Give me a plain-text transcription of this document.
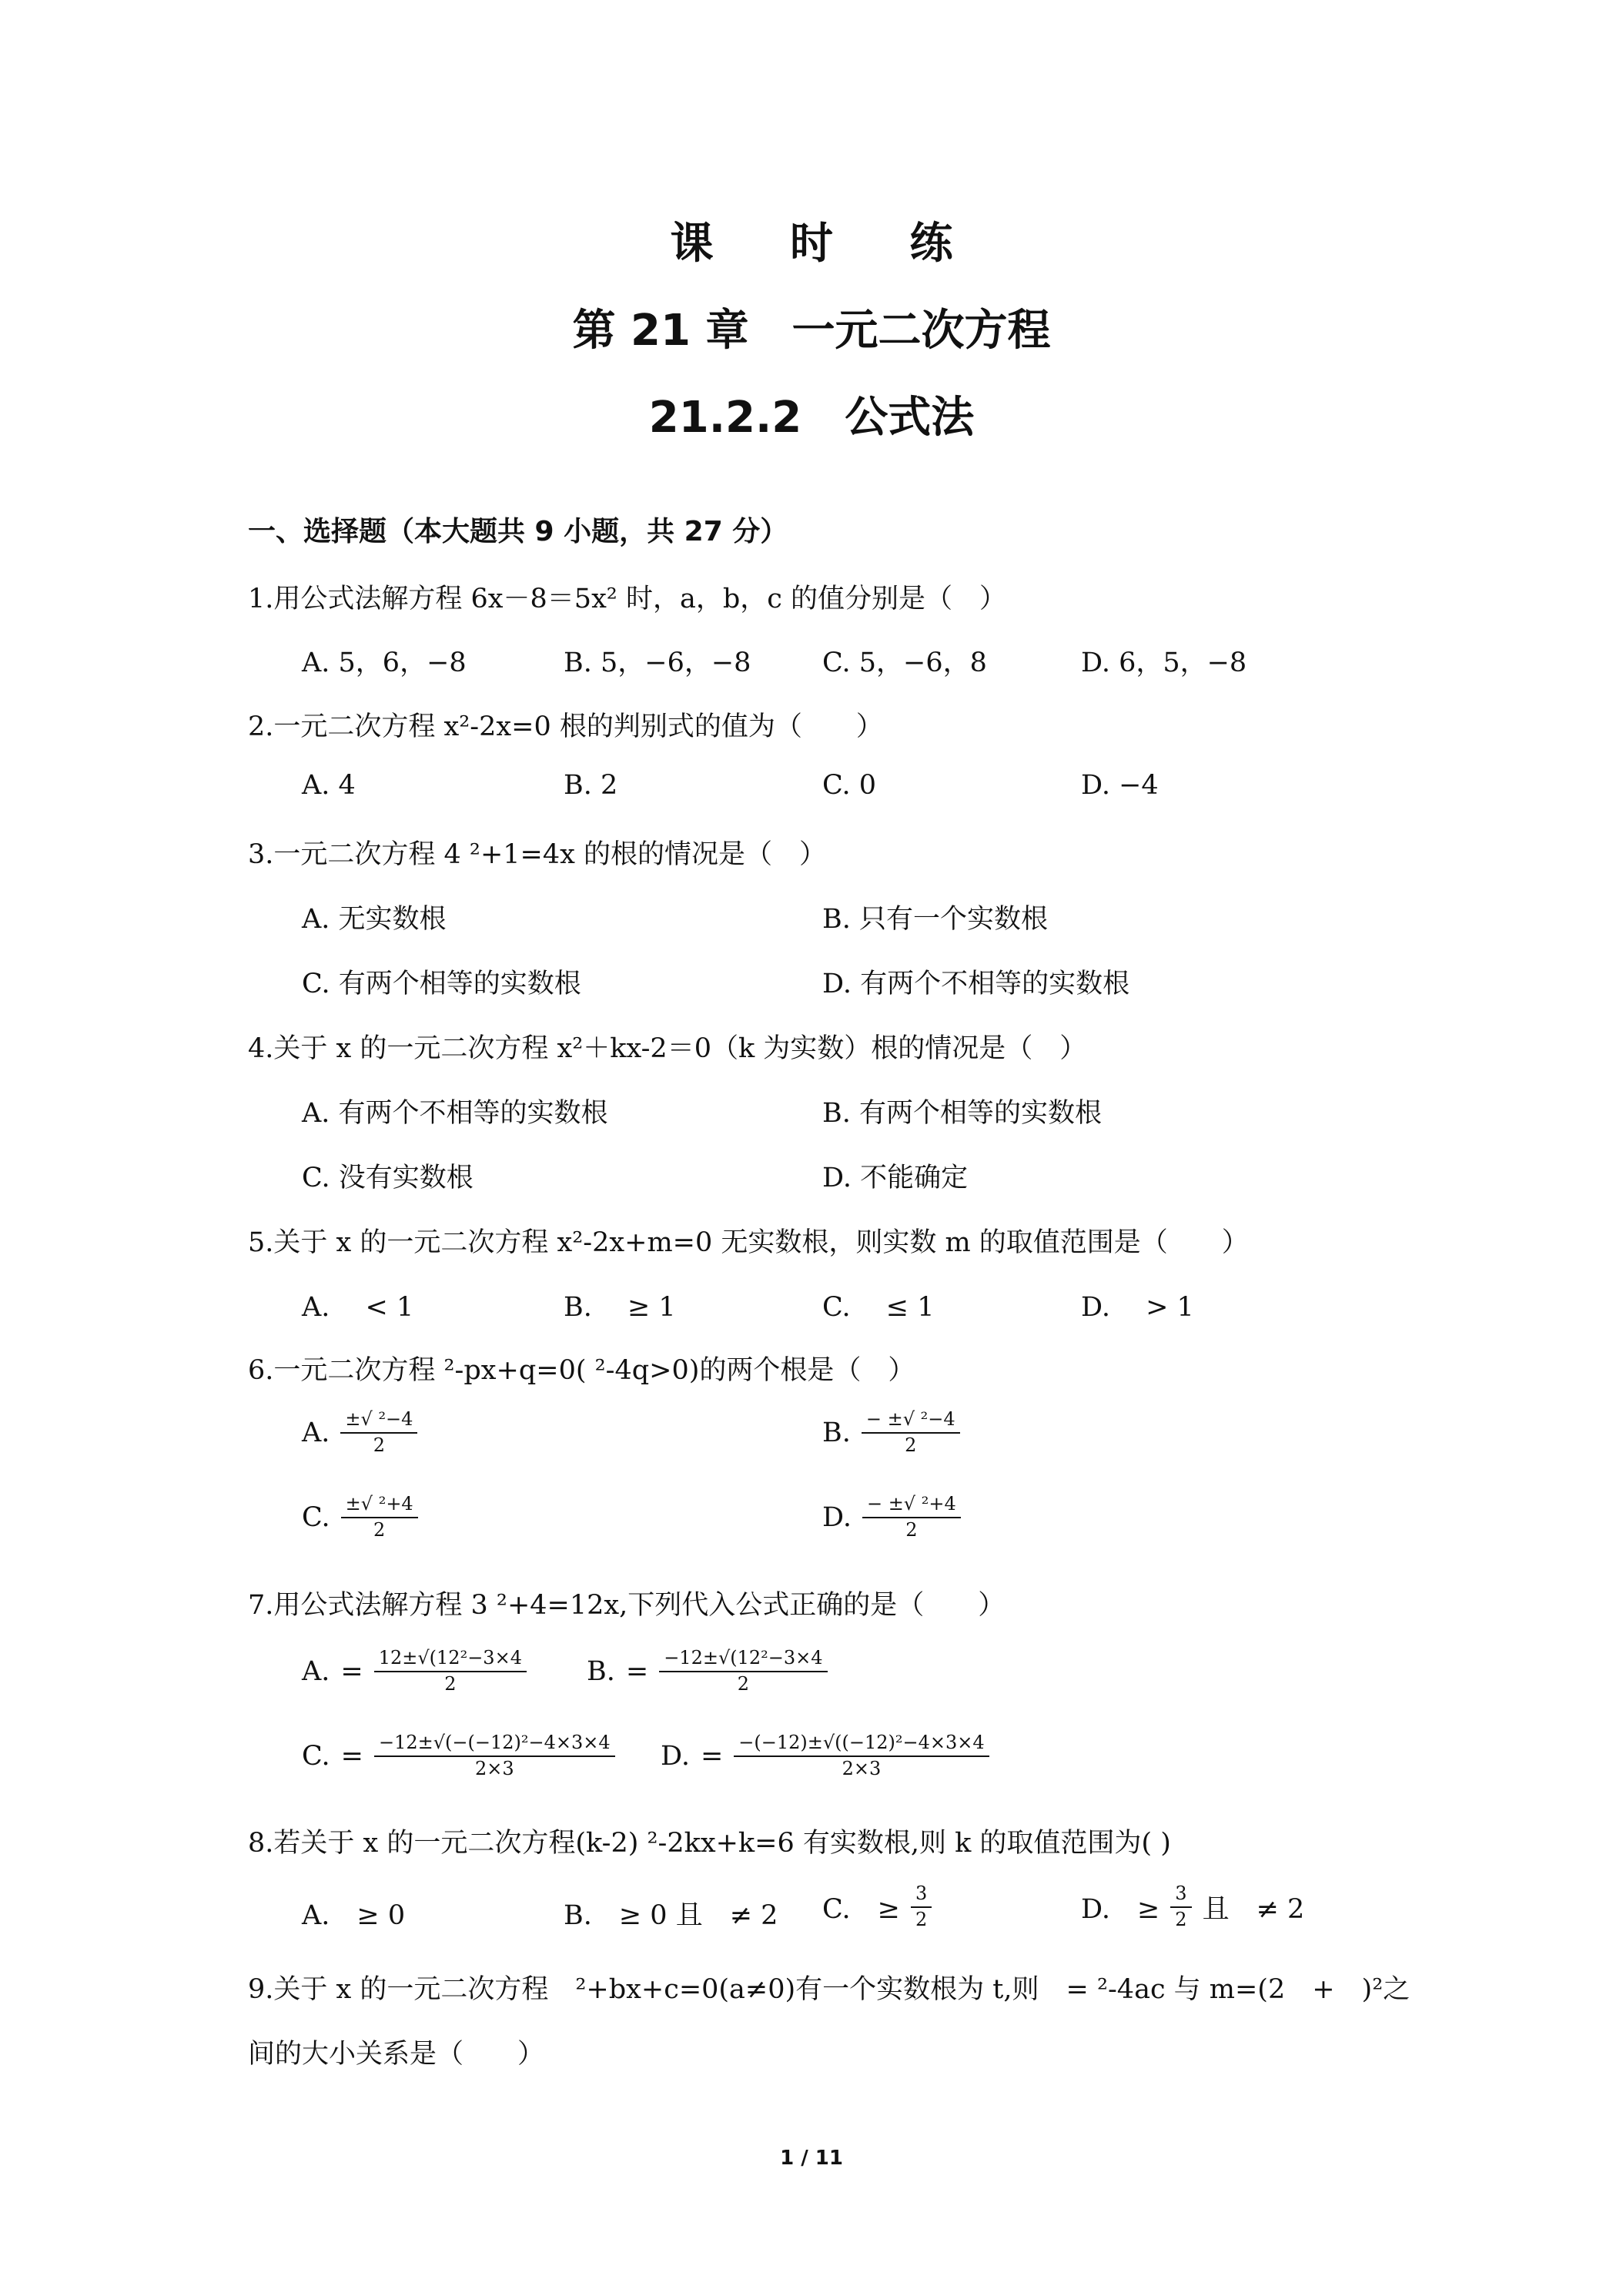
课 时 练
第 21 章　一元二次方程
21.2.2　公式法

一、选择题（本大题共 9 小题，共 27 分）

1.用公式法解方程 6x－8＝5x² 时，a，b，c 的值分别是（　）

A. 5，6，−8	B. 5，−6，−8	C. 5，−6，8	D. 6，5，−8

2.一元二次方程 x²-2x=0 根的判别式的值为（　　）

A. 4	B. 2	C. 0	D. −4

3.一元二次方程 4 ²+1=4x 的根的情况是（　）

A. 无实数根	B. 只有一个实数根
C. 有两个相等的实数根	D. 有两个不相等的实数根

4.关于 x 的一元二次方程 x²＋kx-2＝0（k 为实数）根的情况是（　）

A. 有两个不相等的实数根	B. 有两个相等的实数根
C. 没有实数根	D. 不能确定

5.关于 x 的一元二次方程 x²-2x+m=0 无实数根，则实数 m 的取值范围是（　　）

A.　 < 1	B.　 ≥ 1	C.　 ≤ 1	D.　 > 1

6.一元二次方程 ²-px+q=0( ²-4q>0)的两个根是（　）

A. $\frac{\text{±√ ²−4}}{2}$	B. $\frac{\text{− ±√ ²−4}}{2}$
C. $\frac{\text{±√ ²+4}}{2}$	D. $\frac{\text{− ±√ ²+4}}{2}$

7.用公式法解方程 3 ²+4=12x,下列代入公式正确的是（　　）

A. = $\frac{\text{12±√(12²−3×4}}{2} B$. = $\frac{\text{−12±√(12²−3×4}}{2}$
C. = $\frac{\text{−12±√(−(−12)²−4×3×4}}{2\times 3} D$. = $\frac{\text{−(−12)±√((−12)²−4×3×4}}{2\times 3}$

8.若关于 x 的一元二次方程(k-2) ²-2kx+k=6 有实数根,则 k 的取值范围为( )

A.　≥ 0	B.　≥ 0 且　≠ 2 C.　≥ $\frac{3}{2}$	D.　≥ $\frac{3}{2}$ 且　≠ 2

9.关于 x 的一元二次方程　²+bx+c=0(a≠0)有一个实数根为 t,则　= ²-4ac 与 m=(2　+　)²之

间的大小关系是（　　）

1 / 11
